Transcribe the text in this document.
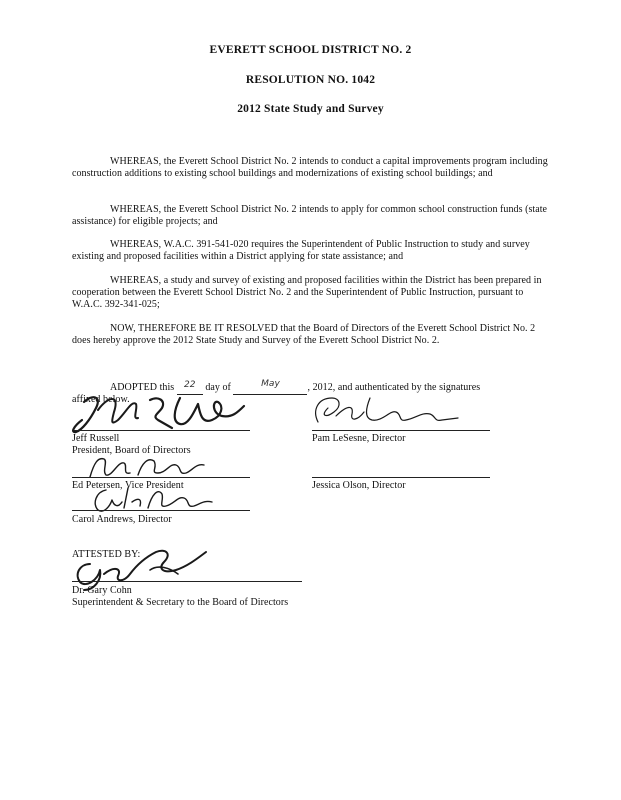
EVERETT SCHOOL DISTRICT NO. 2
RESOLUTION NO. 1042
2012 State Study and Survey
WHEREAS, the Everett School District No. 2 intends to conduct a capital improvements program including construction additions to existing school buildings and modernizations of existing school buildings; and
WHEREAS, the Everett School District No. 2 intends to apply for common school construction funds (state assistance) for eligible projects; and
WHEREAS, W.A.C. 391-541-020 requires the Superintendent of Public Instruction to study and survey existing and proposed facilities within a District applying for state assistance; and
WHEREAS, a study and survey of existing and proposed facilities within the District has been prepared in cooperation between the Everett School District No. 2 and the Superintendent of Public Instruction, pursuant to W.A.C. 392-341-025;
NOW, THEREFORE BE IT RESOLVED that the Board of Directors of the Everett School District No. 2 does hereby approve the 2012 State Study and Survey of the Everett School District No. 2.
ADOPTED this 22 day of	May	, 2012, and authenticated by the signatures
affixed below.
Jeff Russell
President, Board of Directors
Pam LeSesne, Director
Ed Petersen, Vice President	Jessica Olson, Director
Carol Andrews, Director
ATTESTED BY:
Dr. Gary Cohn
Superintendent & Secretary to the Board of Directors
